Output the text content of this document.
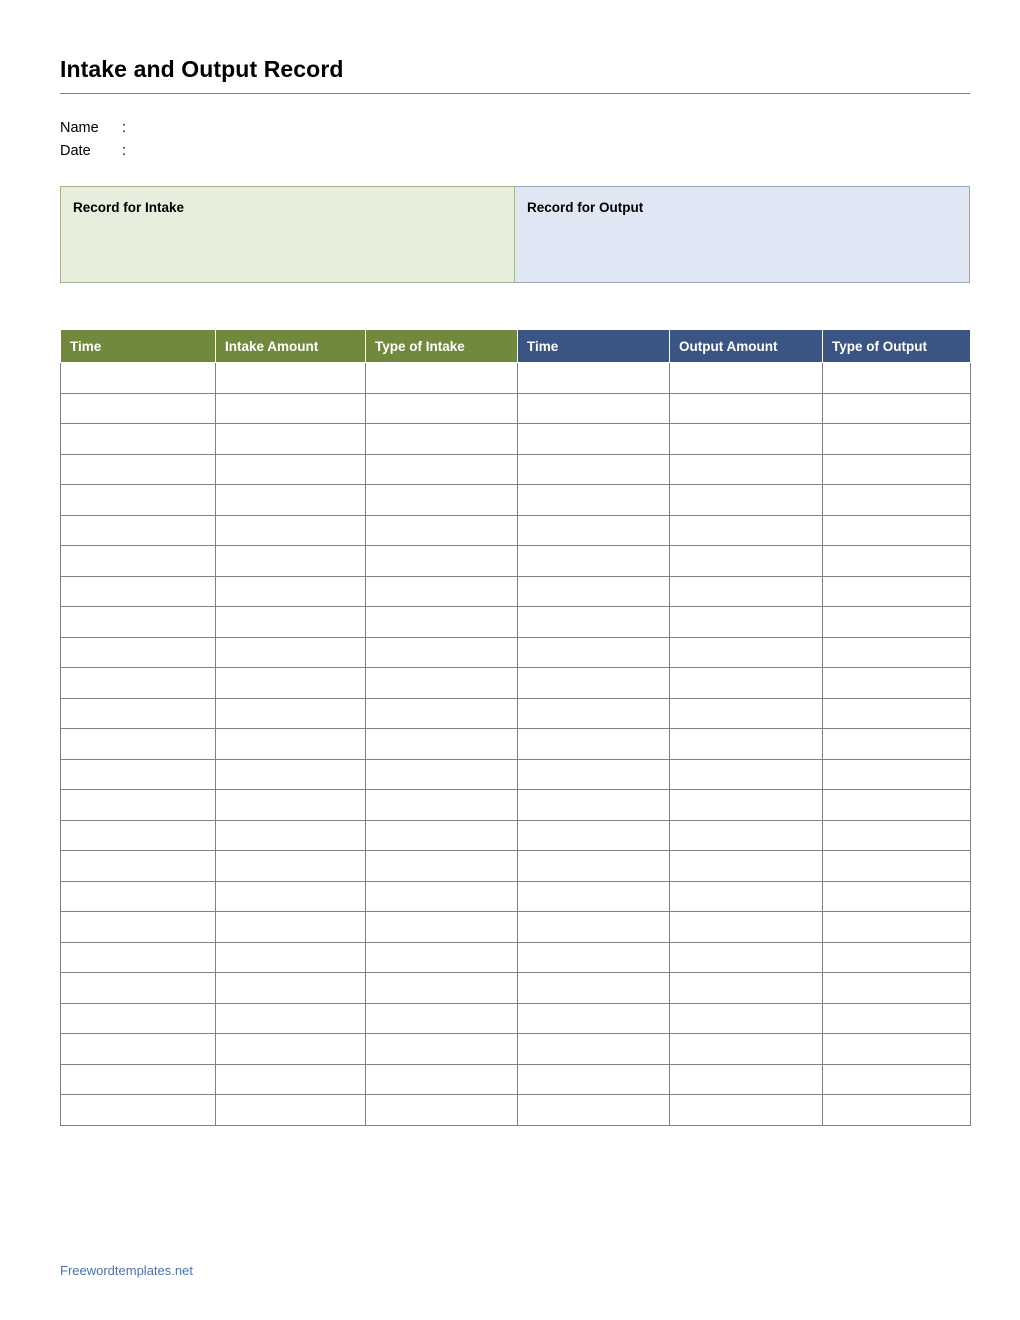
Intake and Output Record
Name	:
Date	:
Record for Intake	Record for Output
Time	Intake Amount	Type of Intake	Time	Output Amount	Type of Output

Freewordtemplates.net
